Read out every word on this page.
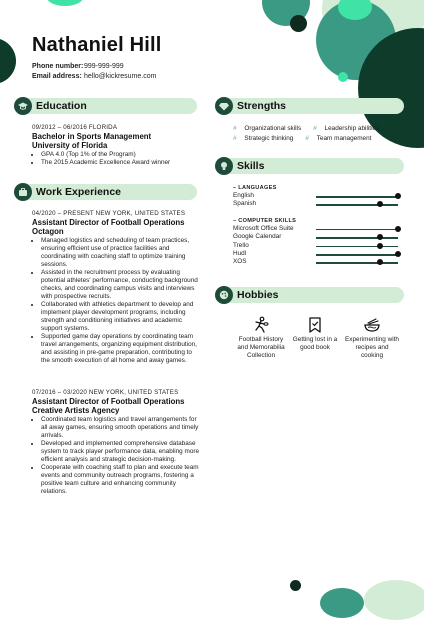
Nathaniel Hill
Phone number:999-999-999
Email address: hello@kickresume.com
Education
09/2012 – 06/2016 FLORIDA
Bachelor in Sports Management
University of Florida
• GPA 4.0 (Top 1% of the Program)
• The 2015 Academic Excellence Award winner
Work Experience
04/2020 – PRESENT NEW YORK, UNITED STATES
Assistant Director of Football Operations
Octagon
• Managed logistics and scheduling of team practices, ensuring efficient use of practice facilities and coordinating with coaching staff to optimize training sessions.
• Assisted in the recruitment process by evaluating potential athletes' performance, conducting background checks, and coordinating campus visits and interviews with prospective recruits.
• Collaborated with athletics department to develop and implement player development programs, including strength and conditioning initiatives and academic support systems.
• Supported game day operations by coordinating team travel arrangements, organizing equipment distribution, and assisting in pre-game preparation, contributing to the smooth execution of all home and away games.
07/2016 – 03/2020 NEW YORK, UNITED STATES
Assistant Director of Football Operations
Creative Artists Agency
• Coordinated team logistics and travel arrangements for all away games, ensuring smooth operations and timely arrivals.
• Developed and implemented comprehensive database system to track player performance data, enabling more efficient analysis and strategic decision-making.
• Cooperate with coaching staff to plan and execute team events and community outreach programs, fostering a positive team culture and enhancing community relations.
Strengths
# Organizational skills # Leadership abilities
# Strategic thinking # Team management
Skills
– LANGUAGES
English
Spanish
– COMPUTER SKILLS
Microsoft Office Suite
Google Calendar
Trello
Hudl
XOS
Hobbies
Football History and Memorabilia Collection
Getting lost in a good book
Experimenting with recipes and cooking
